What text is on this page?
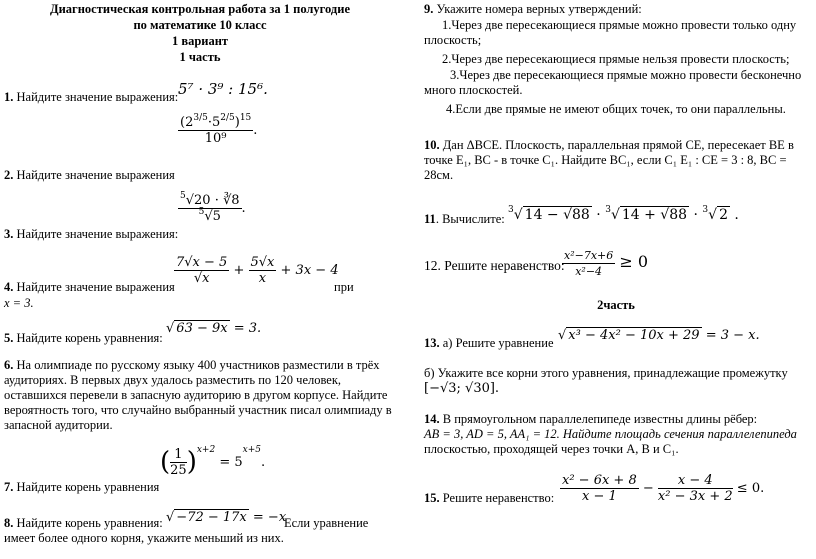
Диагностическая контрольная работа за 1 полугодие
по математике 10 класс
1 вариант
1 часть
1. Найдите значение выражения: 5⁷ · 3⁹ : 15⁶.
$\frac{(2^{3/5}\cdot 5^{2/5})^{15}}{\text{10⁹}}$ .
2. Найдите значение выражения
$\frac{^5√20 \cdot ∛8}{^5√5}$ .
3. Найдите значение выражения:
$\frac{7√x - 5}{√x} + \frac{5√x}{x} + 3x - 4$
4. Найдите значение выражения	при
x = 3.
5. Найдите корень уравнения:
√ 63 − 9x = 3.
6. На олимпиаде по русскому языку 400 участников разместили в трёх аудиториях. В первых двух удалось разместить по 120 человек, оставшихся перевели в запасную аудиторию в другом корпусе. Найдите вероятность того, что случайно выбранный участник писал олимпиаду в запасной аудитории.
( $\frac{1}{25} )^{x+2} = 5^{x+5}$.
7. Найдите корень уравнения
8. Найдите корень уравнения: √ −72 − 17x = −x
Если уравнение имеет более одного корня, укажите меньший из них.
9. Укажите номера верных утверждений:
1.Через две пересекающиеся прямые можно провести только одну плоскость;
2.Через две пересекающиеся прямые нельзя провести плоскость;
3.Через две пересекающиеся прямые можно провести бесконечно много плоскостей.
4.Если две прямые не имеют общих точек, то они параллельны.
10. Дан ΔВСЕ. Плоскость, параллельная прямой СЕ, пересекает ВЕ в точке Е₁, ВС - в точке С₁. Найдите ВС₁, если С₁ Е₁ : СЕ = 3 : 8, ВС = 28см.
11. Вычислите:
$^3$√ 14 − √88 · $^3$√ 14 + √88 · $^3$√ 2 .
12. Решите неравенство:
$\frac{\text{x²−7x+6}}{\text{x²−4}} \ge 0$
2часть
13. а) Решите уравнение √ x³ − 4x² − 10x + 29 = 3 − x.
б) Укажите все корни этого уравнения, принадлежащие промежутку
[−√3; √30].
14. В прямоугольном параллелепипеде известны длины рёбер:
AB = 3, AD = 5, AA₁ = 12. Найдите площадь сечения параллелепипеда
плоскостью, проходящей через точки A, B и C₁.
15. Решите неравенство: $\frac{\text{x² − 6x + 8}}{x - 1} - \frac{x - 4}{\text{x² − 3x + 2}} \le 0$.
